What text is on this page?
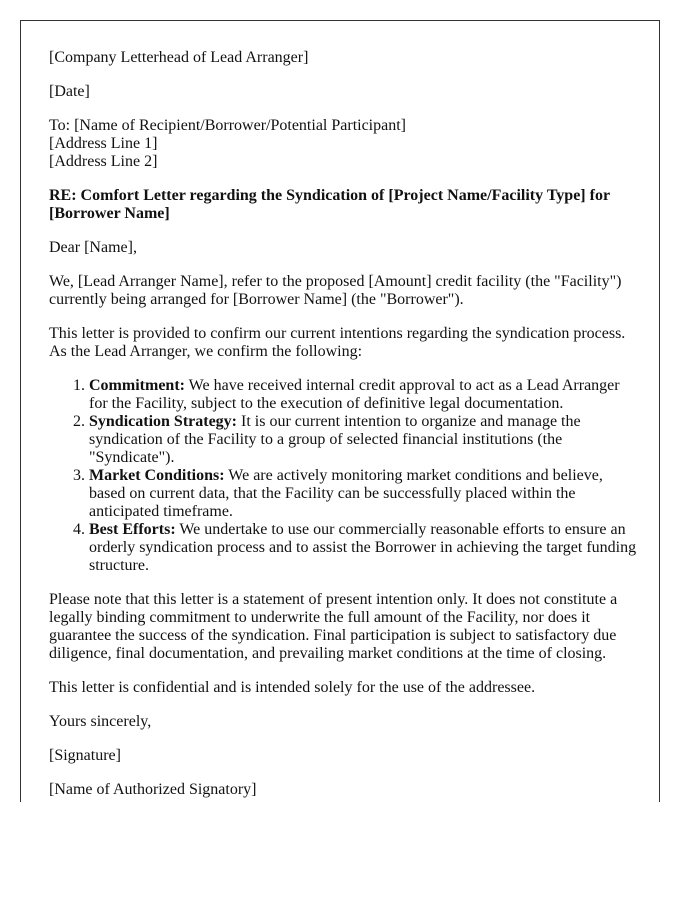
[Company Letterhead of Lead Arranger]

[Date]

To: [Name of Recipient/Borrower/Potential Participant]
[Address Line 1]
[Address Line 2]

RE: Comfort Letter regarding the Syndication of [Project Name/Facility Type] for [Borrower Name]

Dear [Name],

We, [Lead Arranger Name], refer to the proposed [Amount] credit facility (the "Facility") currently being arranged for [Borrower Name] (the "Borrower").

This letter is provided to confirm our current intentions regarding the syndication process. As the Lead Arranger, we confirm the following:

1. Commitment: We have received internal credit approval to act as a Lead Arranger for the Facility, subject to the execution of definitive legal documentation.
2. Syndication Strategy: It is our current intention to organize and manage the syndication of the Facility to a group of selected financial institutions (the "Syndicate").
3. Market Conditions: We are actively monitoring market conditions and believe, based on current data, that the Facility can be successfully placed within the anticipated timeframe.
4. Best Efforts: We undertake to use our commercially reasonable efforts to ensure an orderly syndication process and to assist the Borrower in achieving the target funding structure.

Please note that this letter is a statement of present intention only. It does not constitute a legally binding commitment to underwrite the full amount of the Facility, nor does it guarantee the success of the syndication. Final participation is subject to satisfactory due diligence, final documentation, and prevailing market conditions at the time of closing.

This letter is confidential and is intended solely for the use of the addressee.

Yours sincerely,

[Signature]

[Name of Authorized Signatory]
